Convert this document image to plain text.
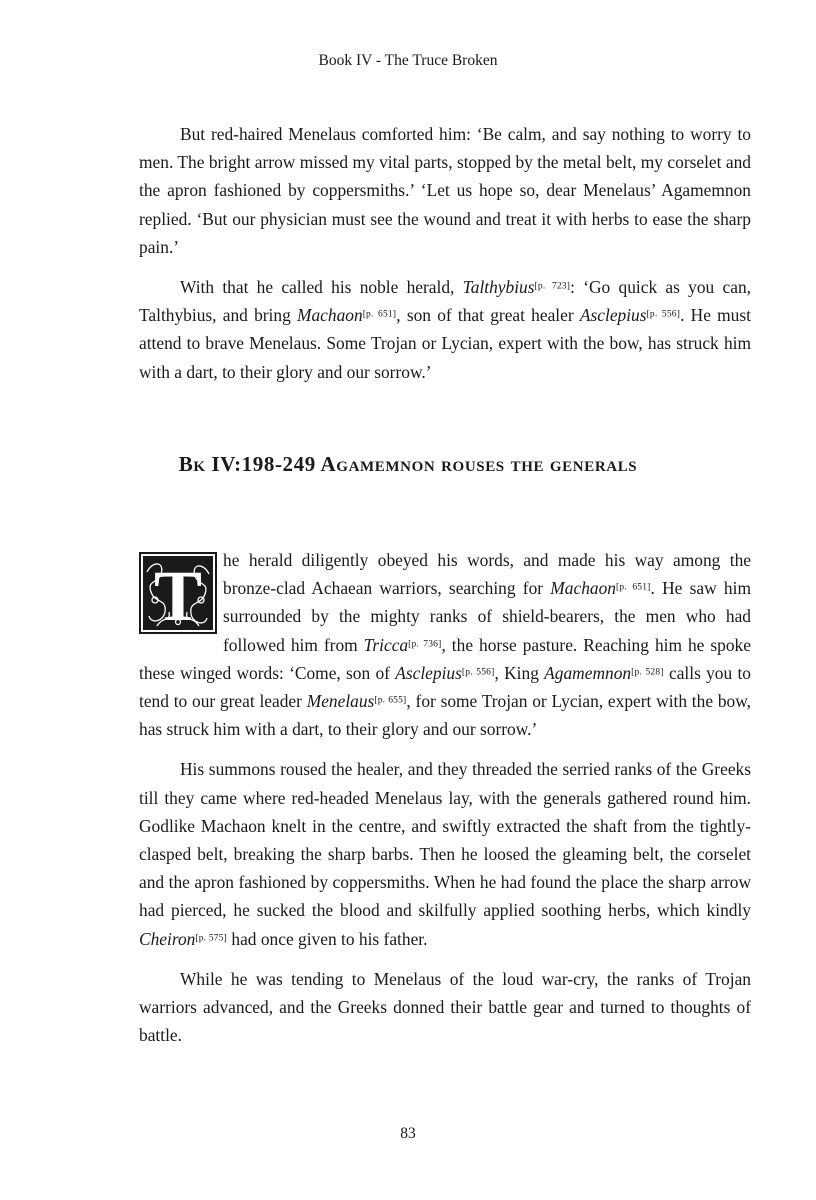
Book IV - The Truce Broken

But red-haired Menelaus comforted him: ‘Be calm, and say nothing to worry to men. The bright arrow missed my vital parts, stopped by the metal belt, my corselet and the apron fashioned by coppersmiths.’ ‘Let us hope so, dear Menelaus’ Agamemnon replied. ‘But our physician must see the wound and treat it with herbs to ease the sharp pain.’

With that he called his noble herald, Talthybius[p. 723]: ‘Go quick as you can, Talthybius, and bring Machaon[p. 651], son of that great healer Asclepius[p. 556]. He must attend to brave Menelaus. Some Trojan or Lycian, expert with the bow, has struck him with a dart, to their glory and our sorrow.’

Bk IV:198-249 Agamemnon rouses the generals

T he herald diligently obeyed his words, and made his way among the bronze-clad Achaean warriors, searching for Machaon[p. 651]. He saw him surrounded by the mighty ranks of shield-bearers, the men who had followed him from Tricca[p. 736], the horse pasture. Reaching him he spoke these winged words: ‘Come, son of Asclepius[p. 556], King Agamemnon[p. 528] calls you to tend to our great leader Menelaus[p. 655], for some Trojan or Lycian, expert with the bow, has struck him with a dart, to their glory and our sorrow.’

His summons roused the healer, and they threaded the serried ranks of the Greeks till they came where red-headed Menelaus lay, with the generals gathered round him. Godlike Machaon knelt in the centre, and swiftly extracted the shaft from the tightly-clasped belt, breaking the sharp barbs. Then he loosed the gleaming belt, the corselet and the apron fashioned by coppersmiths. When he had found the place the sharp arrow had pierced, he sucked the blood and skilfully applied soothing herbs, which kindly Cheiron[p. 575] had once given to his father.

While he was tending to Menelaus of the loud war-cry, the ranks of Trojan warriors advanced, and the Greeks donned their battle gear and turned to thoughts of battle.

83
